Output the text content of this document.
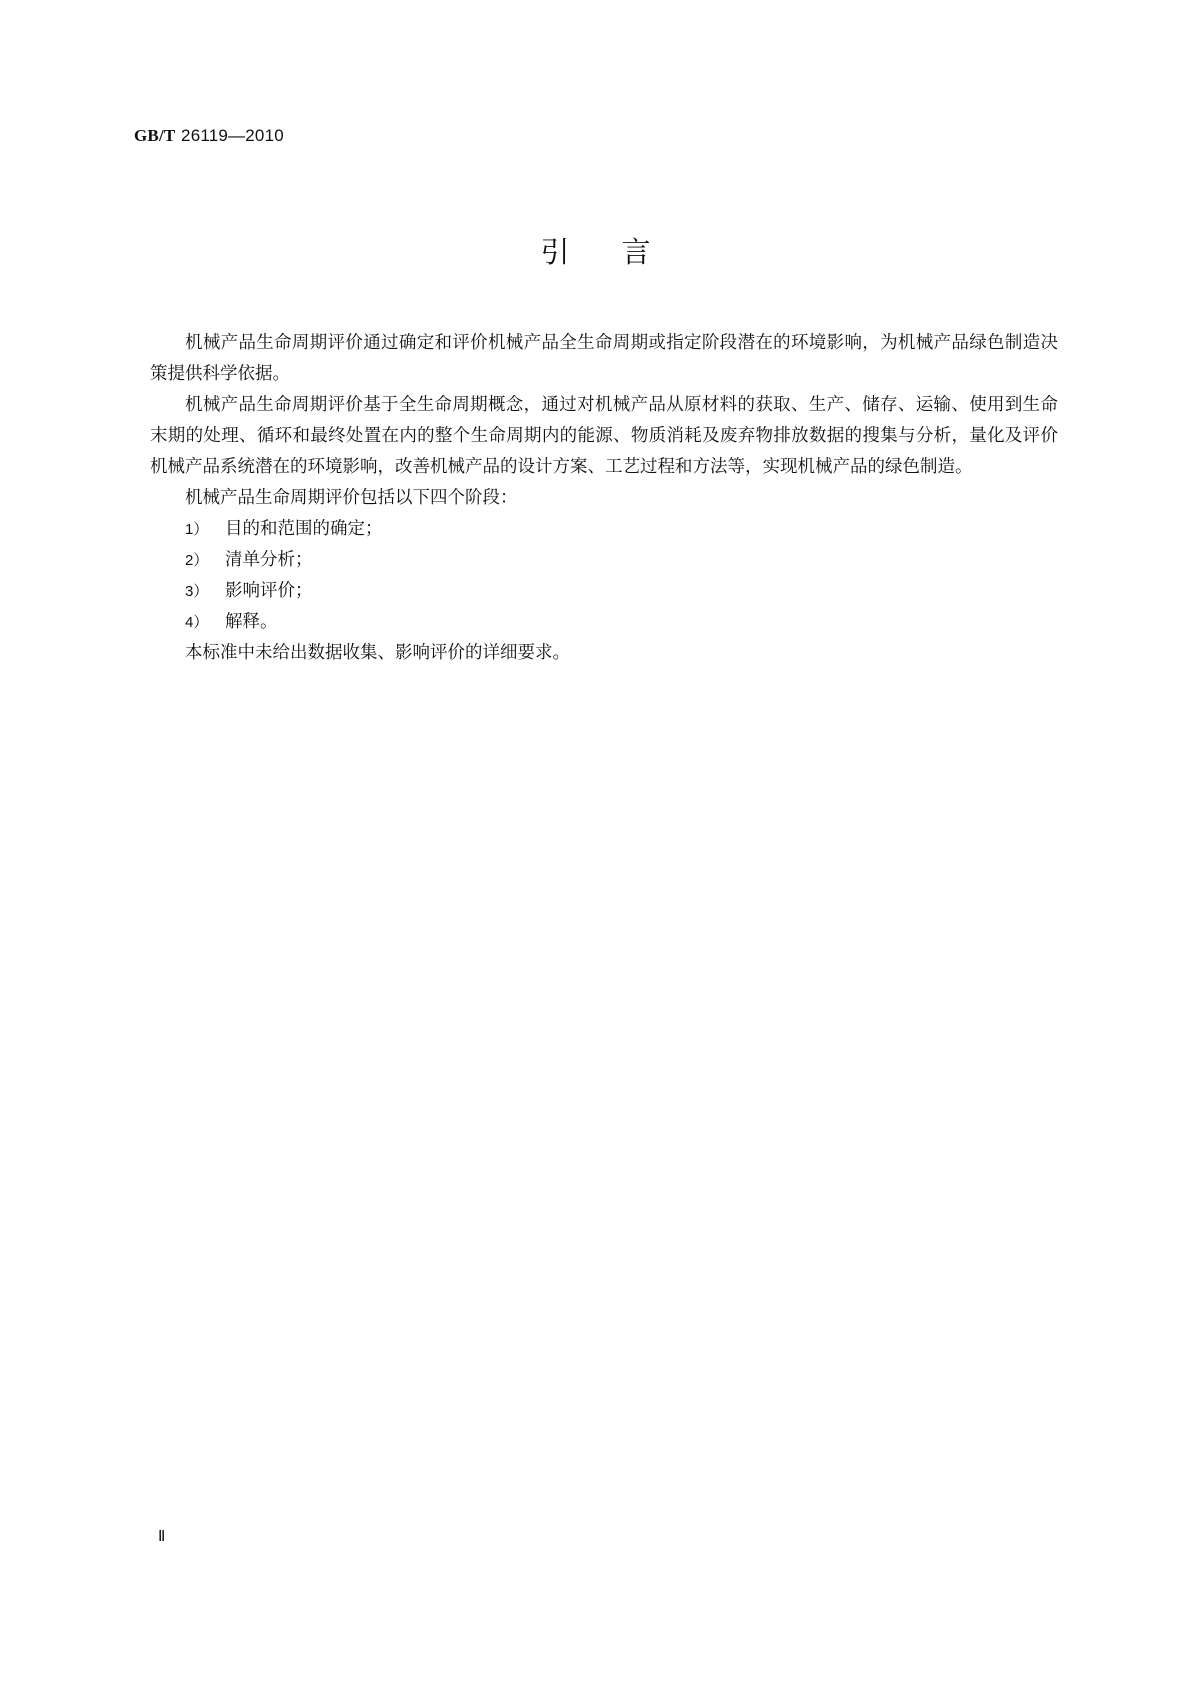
GB/T 26119—2010
引言

机械产品生命周期评价通过确定和评价机械产品全生命周期或指定阶段潜在的环境影响，为机械产品绿色制造决策提供科学依据。

机械产品生命周期评价基于全生命周期概念，通过对机械产品从原材料的获取、生产、储存、运输、使用到生命末期的处理、循环和最终处置在内的整个生命周期内的能源、物质消耗及废弃物排放数据的搜集与分析，量化及评价机械产品系统潜在的环境影响，改善机械产品的设计方案、工艺过程和方法等，实现机械产品的绿色制造。

机械产品生命周期评价包括以下四个阶段：

1） 目的和范围的确定；

2） 清单分析；

3） 影响评价；

4） 解释。

本标准中未给出数据收集、影响评价的详细要求。

Ⅱ
